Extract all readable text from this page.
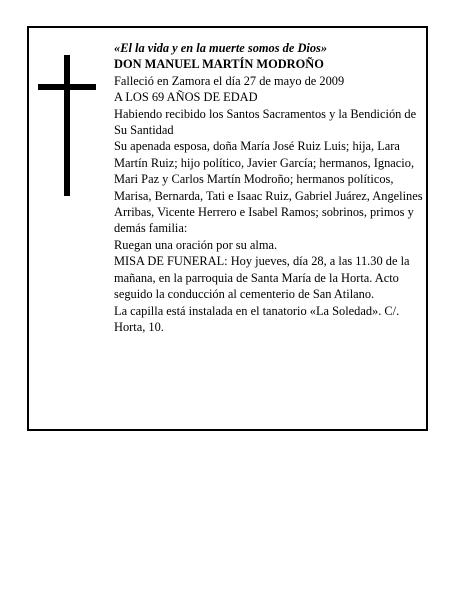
«El la vida y en la muerte somos de Dios»

DON MANUEL MARTÍN MODROÑO

Falleció en Zamora el día 27 de mayo de 2009

A LOS 69 AÑOS DE EDAD

Habiendo recibido los Santos Sacramentos y la Bendición de Su Santidad

Su apenada esposa, doña María José Ruiz Luis; hija, Lara Martín Ruiz; hijo político, Javier García; hermanos, Ignacio, Mari Paz y Carlos Martín Modroño; hermanos políticos, Marisa, Bernarda, Tati e Isaac Ruiz, Gabriel Juárez, Angelines Arribas, Vicente Herrero e Isabel Ramos; sobrinos, primos y demás familia:

Ruegan una oración por su alma.

MISA DE FUNERAL: Hoy jueves, día 28, a las 11.30 de la mañana, en la parroquia de Santa María de la Horta. Acto seguido la conducción al cementerio de San Atilano.

La capilla está instalada en el tanatorio «La Soledad». C/. Horta, 10.
